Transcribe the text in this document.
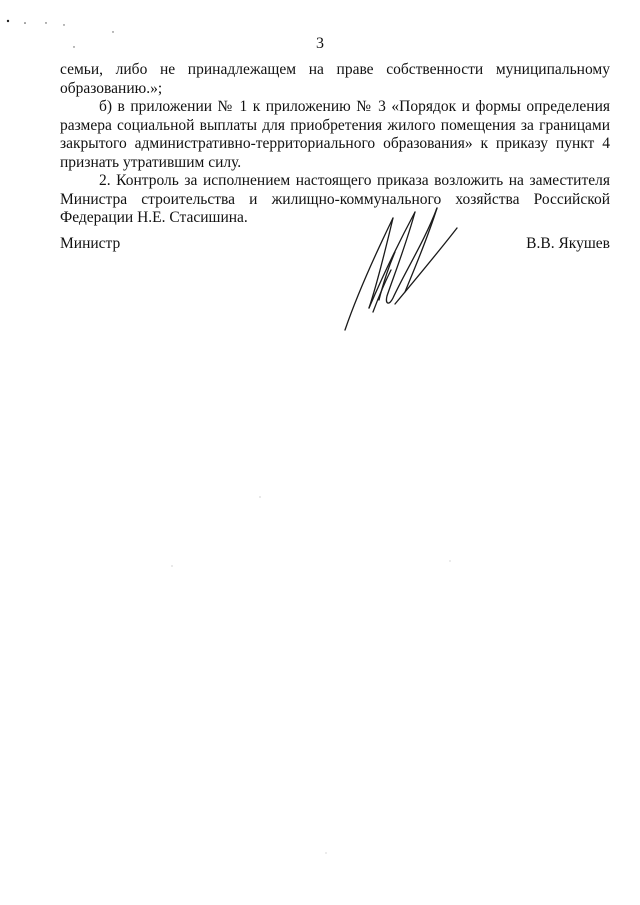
3

семьи, либо не принадлежащем на праве собственности муниципальному образованию.»;

б) в приложении № 1 к приложению № 3 «Порядок и формы определения размера социальной выплаты для приобретения жилого помещения за границами закрытого административно-территориального образования» к приказу пункт 4 признать утратившим силу.

2. Контроль за исполнением настоящего приказа возложить на заместителя Министра строительства и жилищно-коммунального хозяйства Российской Федерации Н.Е. Стасишина.

Министр	В.В. Якушев
